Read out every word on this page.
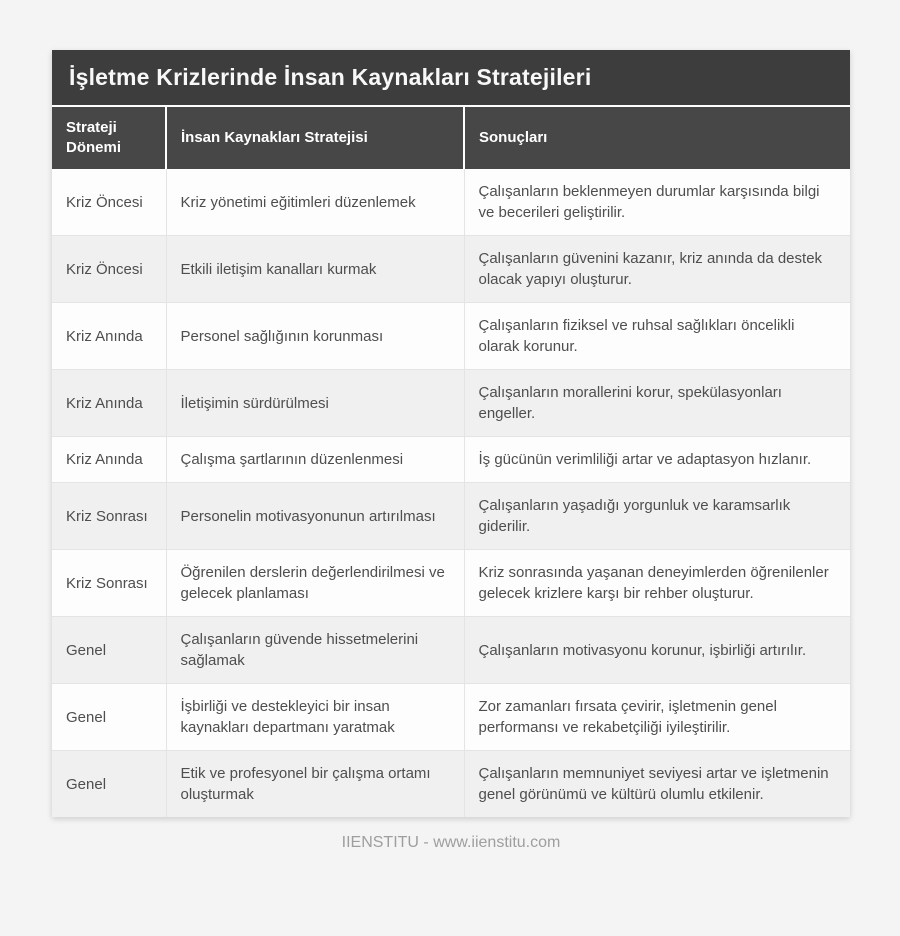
İşletme Krizlerinde İnsan Kaynakları Stratejileri
Strateji Dönemi	İnsan Kaynakları Stratejisi	Sonuçları
Kriz Öncesi	Kriz yönetimi eğitimleri düzenlemek	Çalışanların beklenmeyen durumlar karşısında bilgi ve becerileri geliştirilir.
Kriz Öncesi	Etkili iletişim kanalları kurmak	Çalışanların güvenini kazanır, kriz anında da destek olacak yapıyı oluşturur.
Kriz Anında	Personel sağlığının korunması	Çalışanların fiziksel ve ruhsal sağlıkları öncelikli olarak korunur.
Kriz Anında	İletişimin sürdürülmesi	Çalışanların morallerini korur, spekülasyonları engeller.
Kriz Anında	Çalışma şartlarının düzenlenmesi	İş gücünün verimliliği artar ve adaptasyon hızlanır.
Kriz Sonrası	Personelin motivasyonunun artırılması	Çalışanların yaşadığı yorgunluk ve karamsarlık giderilir.
Kriz Sonrası	Öğrenilen derslerin değerlendirilmesi ve gelecek planlaması	Kriz sonrasında yaşanan deneyimlerden öğrenilenler gelecek krizlere karşı bir rehber oluşturur.
Genel	Çalışanların güvende hissetmelerini sağlamak	Çalışanların motivasyonu korunur, işbirliği artırılır.
Genel	İşbirliği ve destekleyici bir insan kaynakları departmanı yaratmak	Zor zamanları fırsata çevirir, işletmenin genel performansı ve rekabetçiliği iyileştirilir.
Genel	Etik ve profesyonel bir çalışma ortamı oluşturmak	Çalışanların memnuniyet seviyesi artar ve işletmenin genel görünümü ve kültürü olumlu etkilenir.
IIENSTITU - www.iienstitu.com
